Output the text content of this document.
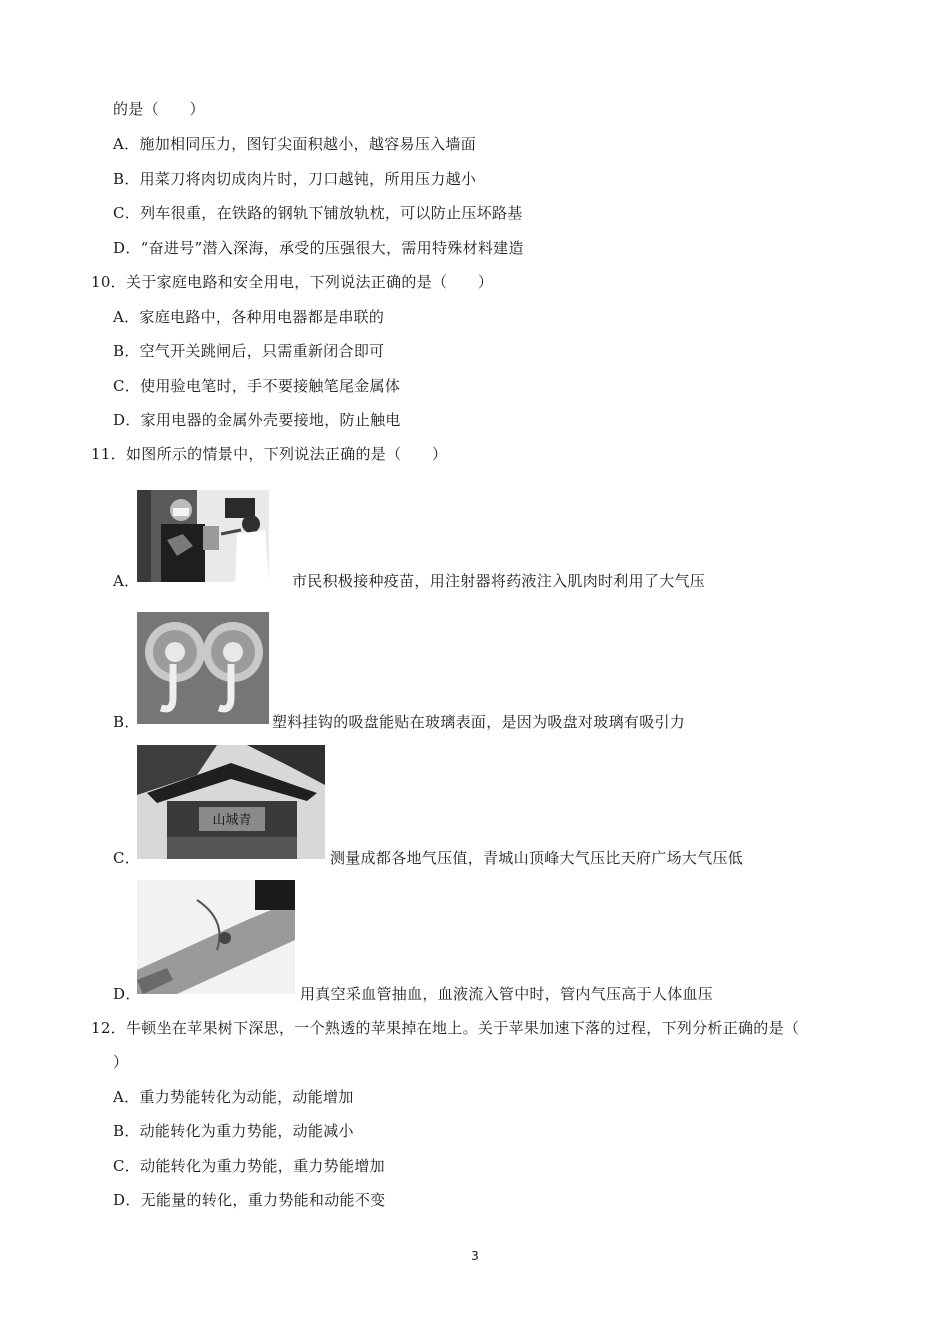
的是（　　）
A．施加相同压力，图钉尖面积越小，越容易压入墙面
B．用菜刀将肉切成肉片时，刀口越钝，所用压力越小
C．列车很重，在铁路的钢轨下铺放轨枕，可以防止压坏路基
D．“奋进号”潜入深海，承受的压强很大，需用特殊材料建造
10．关于家庭电路和安全用电，下列说法正确的是（　　）
A．家庭电路中，各种用电器都是串联的
B．空气开关跳闸后，只需重新闭合即可
C．使用验电笔时，手不要接触笔尾金属体
D．家用电器的金属外壳要接地，防止触电
11．如图所示的情景中，下列说法正确的是（　　）
A．	市民积极接种疫苗，用注射器将药液注入肌肉时利用了大气压
B．	塑料挂钩的吸盘能贴在玻璃表面，是因为吸盘对玻璃有吸引力
山城青
C．	测量成都各地气压值，青城山顶峰大气压比天府广场大气压低
D．	用真空采血管抽血，血液流入管中时，管内气压高于人体血压
12．牛顿坐在苹果树下深思，一个熟透的苹果掉在地上。关于苹果加速下落的过程，下列分析正确的是（
）
A．重力势能转化为动能，动能增加
B．动能转化为重力势能，动能减小
C．动能转化为重力势能，重力势能增加
D．无能量的转化，重力势能和动能不变
3
